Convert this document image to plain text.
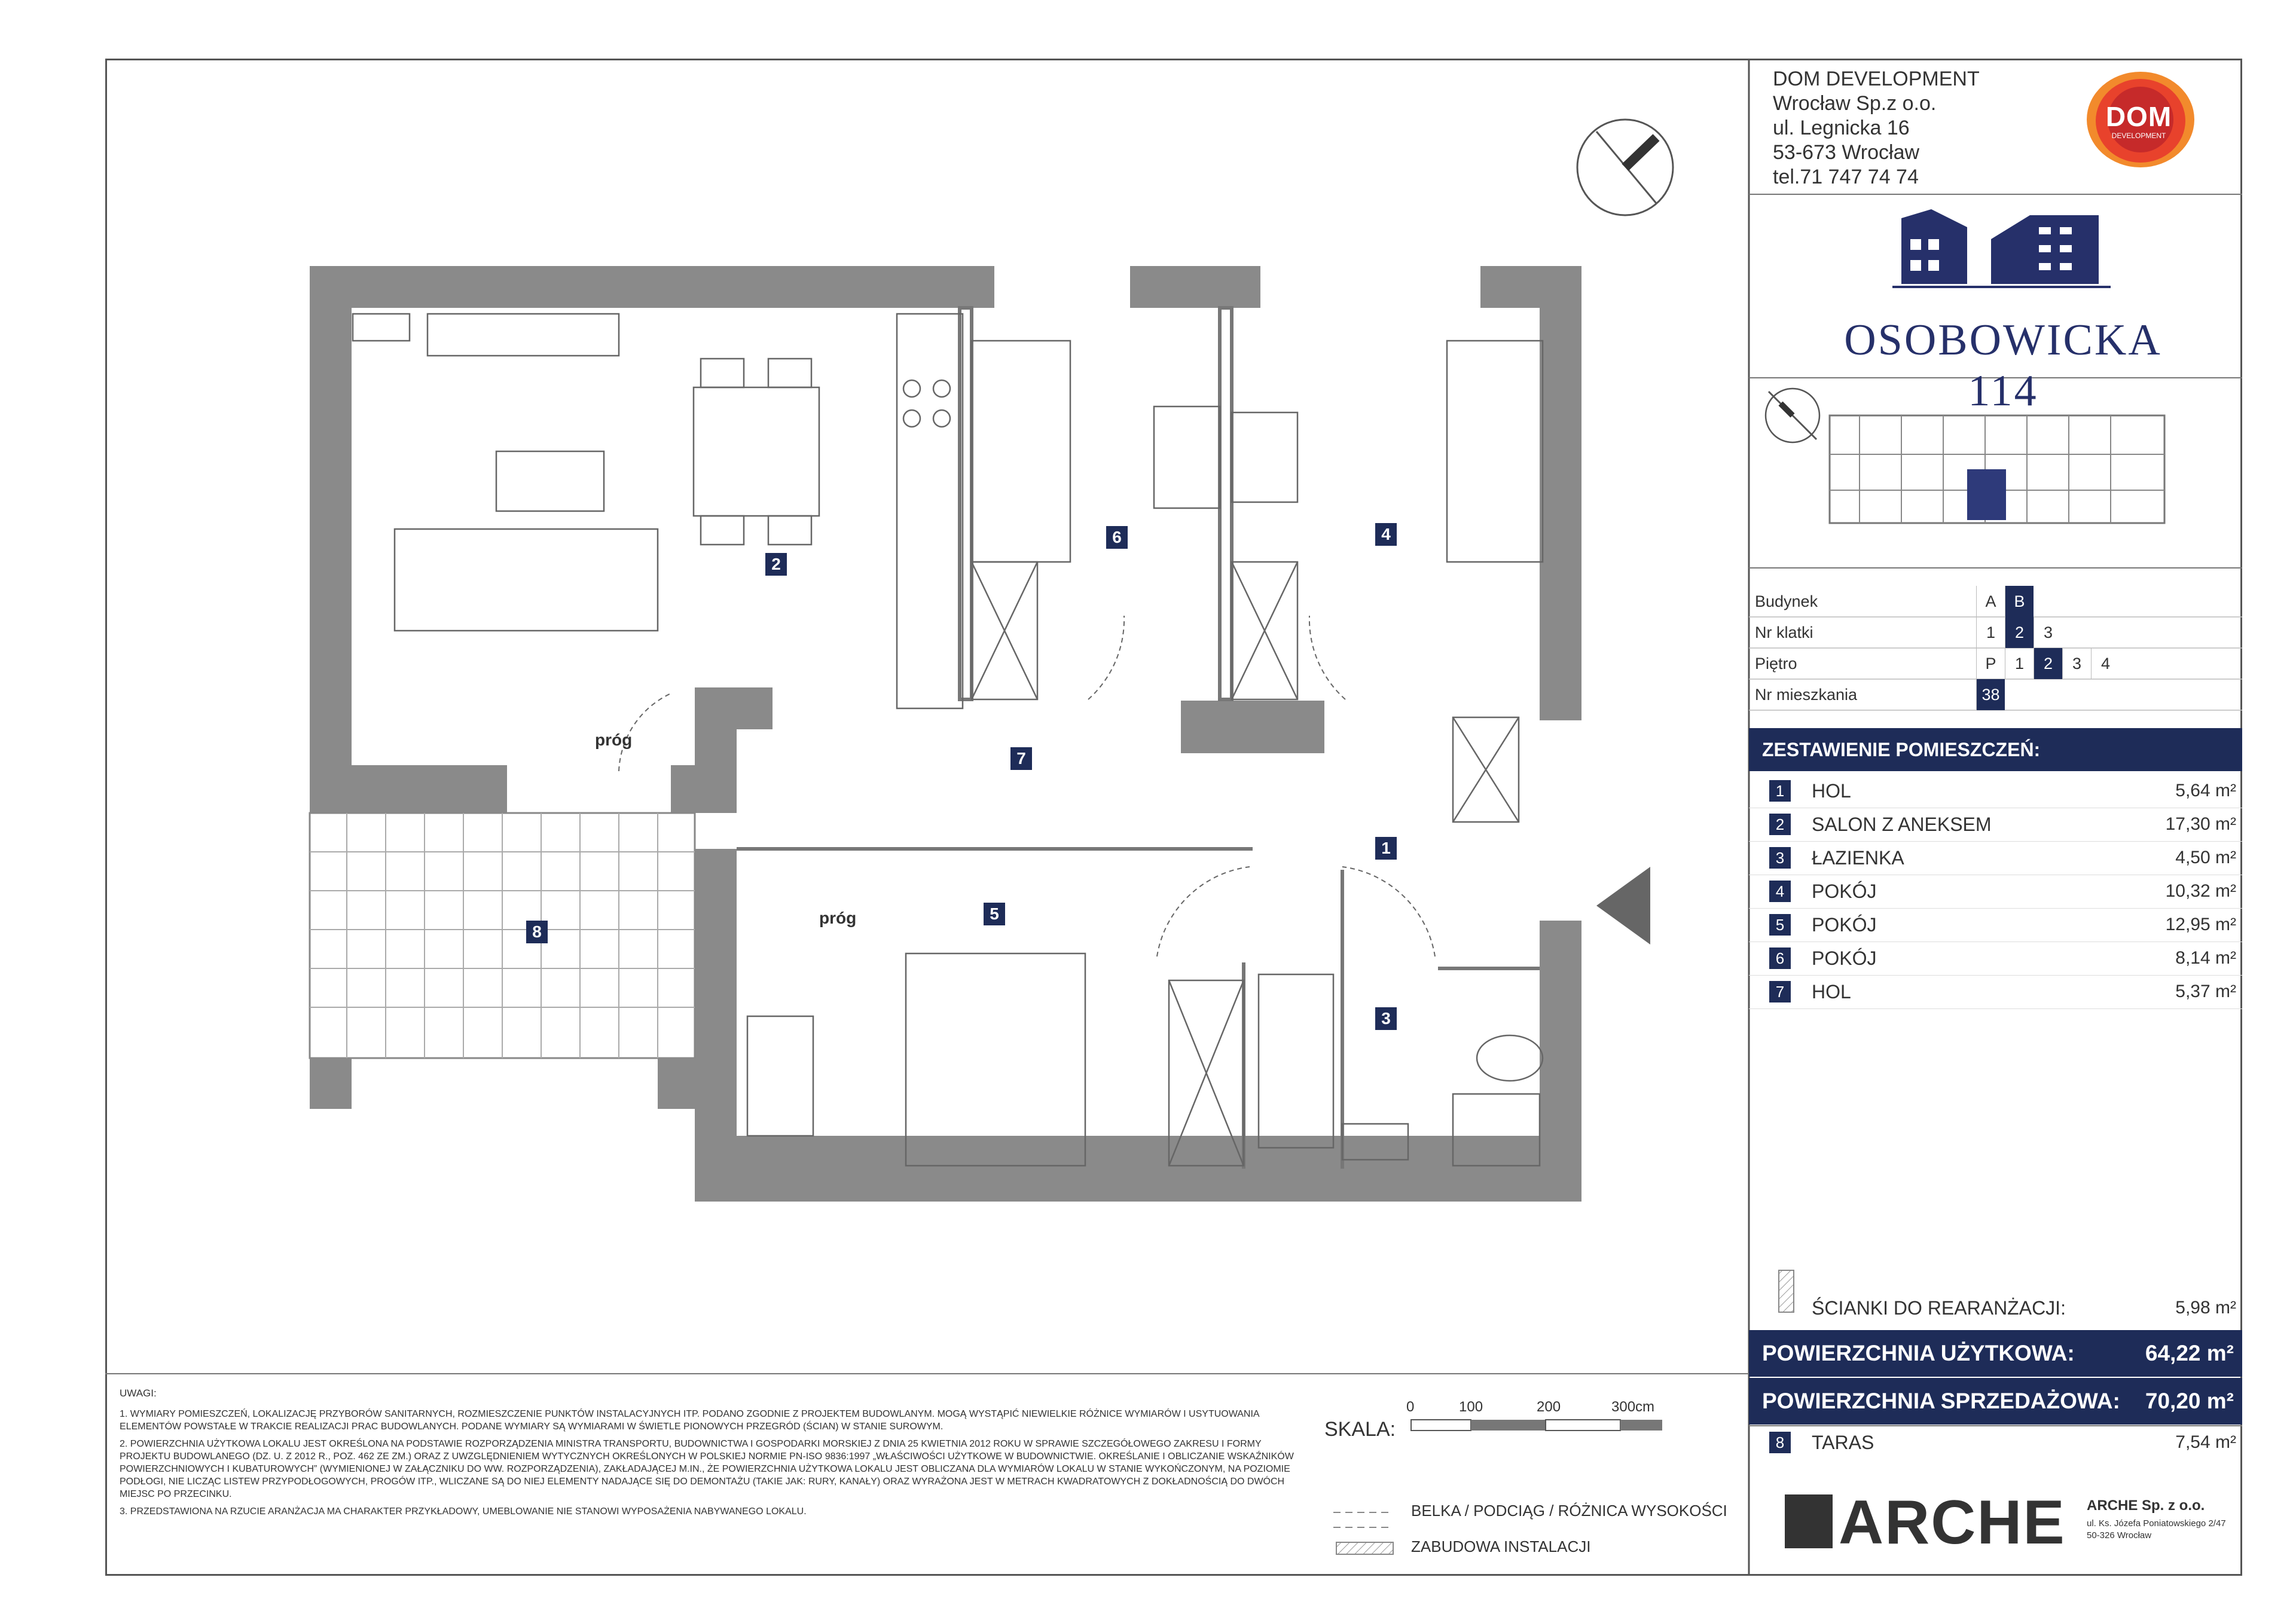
2
6	4
7
1
5
3
8
próg
próg
DOM DEVELOPMENT
Wrocław Sp.z o.o.
ul. Legnicka 16
53-673 Wrocław
tel.71 747 74 74
DOM
DEVELOPMENT
OSOBOWICKA 114
Budynek	A	B
Nr klatki	1	2	3
Piętro	P	1	2	3	4
Nr mieszkania	38
ZESTAWIENIE POMIESZCZEŃ:
1	HOL	5,64 m²
2	SALON Z ANEKSEM	17,30 m²
3	ŁAZIENKA	4,50 m²
4	POKÓJ	10,32 m²
5	POKÓJ	12,95 m²
6	POKÓJ	8,14 m²
7	HOL	5,37 m²
ŚCIANKI DO REARANŻACJI:	5,98 m²
POWIERZCHNIA UŻYTKOWA:	64,22 m²
POWIERZCHNIA SPRZEDAŻOWA: 70,20 m²
8	TARAS	7,54 m²
SKALA:
0	100	200	300cm
BELKA / PODCIĄG / RÓŻNICA WYSOKOŚCI
ZABUDOWA INSTALACJI	ARCHE ARCHE Sp. z o.o.
ul. Ks. Józefa Poniatowskiego 2/47
50-326 Wrocław

UWAGI:

1. WYMIARY POMIESZCZEŃ, LOKALIZACJĘ PRZYBORÓW SANITARNYCH, ROZMIESZCZENIE PUNKTÓW INSTALACYJNYCH ITP. PODANO ZGODNIE Z PROJEKTEM BUDOWLANYM. MOGĄ WYSTĄPIĆ NIEWIELKIE RÓŻNICE WYMIARÓW I USYTUOWANIA ELEMENTÓW POWSTAŁE W TRAKCIE REALIZACJI PRAC BUDOWLANYCH. PODANE WYMIARY SĄ WYMIARAMI W ŚWIETLE PIONOWYCH PRZEGRÓD (ŚCIAN) W STANIE SUROWYM.

2. POWIERZCHNIA UŻYTKOWA LOKALU JEST OKREŚLONA NA PODSTAWIE ROZPORZĄDZENIA MINISTRA TRANSPORTU, BUDOWNICTWA I GOSPODARKI MORSKIEJ Z DNIA 25 KWIETNIA 2012 ROKU W SPRAWIE SZCZEGÓŁOWEGO ZAKRESU I FORMY PROJEKTU BUDOWLANEGO (DZ. U. Z 2012 R., POZ. 462 ZE ZM.) ORAZ Z UWZGLĘDNIENIEM WYTYCZNYCH OKREŚLONYCH W POLSKIEJ NORMIE PN-ISO 9836:1997 „WŁAŚCIWOŚCI UŻYTKOWE W BUDOWNICTWIE. OKREŚLANIE I OBLICZANIE WSKAŹNIKÓW POWIERZCHNIOWYCH I KUBATUROWYCH” (WYMIENIONEJ W ZAŁĄCZNIKU DO WW. ROZPORZĄDZENIA), ZAKŁADAJĄCEJ M.IN., ŻE POWIERZCHNIA UŻYTKOWA LOKALU JEST OBLICZANA DLA WYMIARÓW LOKALU W STANIE WYKOŃCZONYM, NA POZIOMIE PODŁOGI, NIE LICZĄC LISTEW PRZYPODŁOGOWYCH, PROGÓW ITP., WLICZANE SĄ DO NIEJ ELEMENTY NADAJĄCE SIĘ DO DEMONTAŻU (TAKIE JAK: RURY, KANAŁY) ORAZ WYRAŻONA JEST W METRACH KWADRATOWYCH Z DOKŁADNOŚCIĄ DO DWÓCH MIEJSC PO PRZECINKU.

3. PRZEDSTAWIONA NA RZUCIE ARANŻACJA MA CHARAKTER PRZYKŁADOWY, UMEBLOWANIE NIE STANOWI WYPOSAŻENIA NABYWANEGO LOKALU.
